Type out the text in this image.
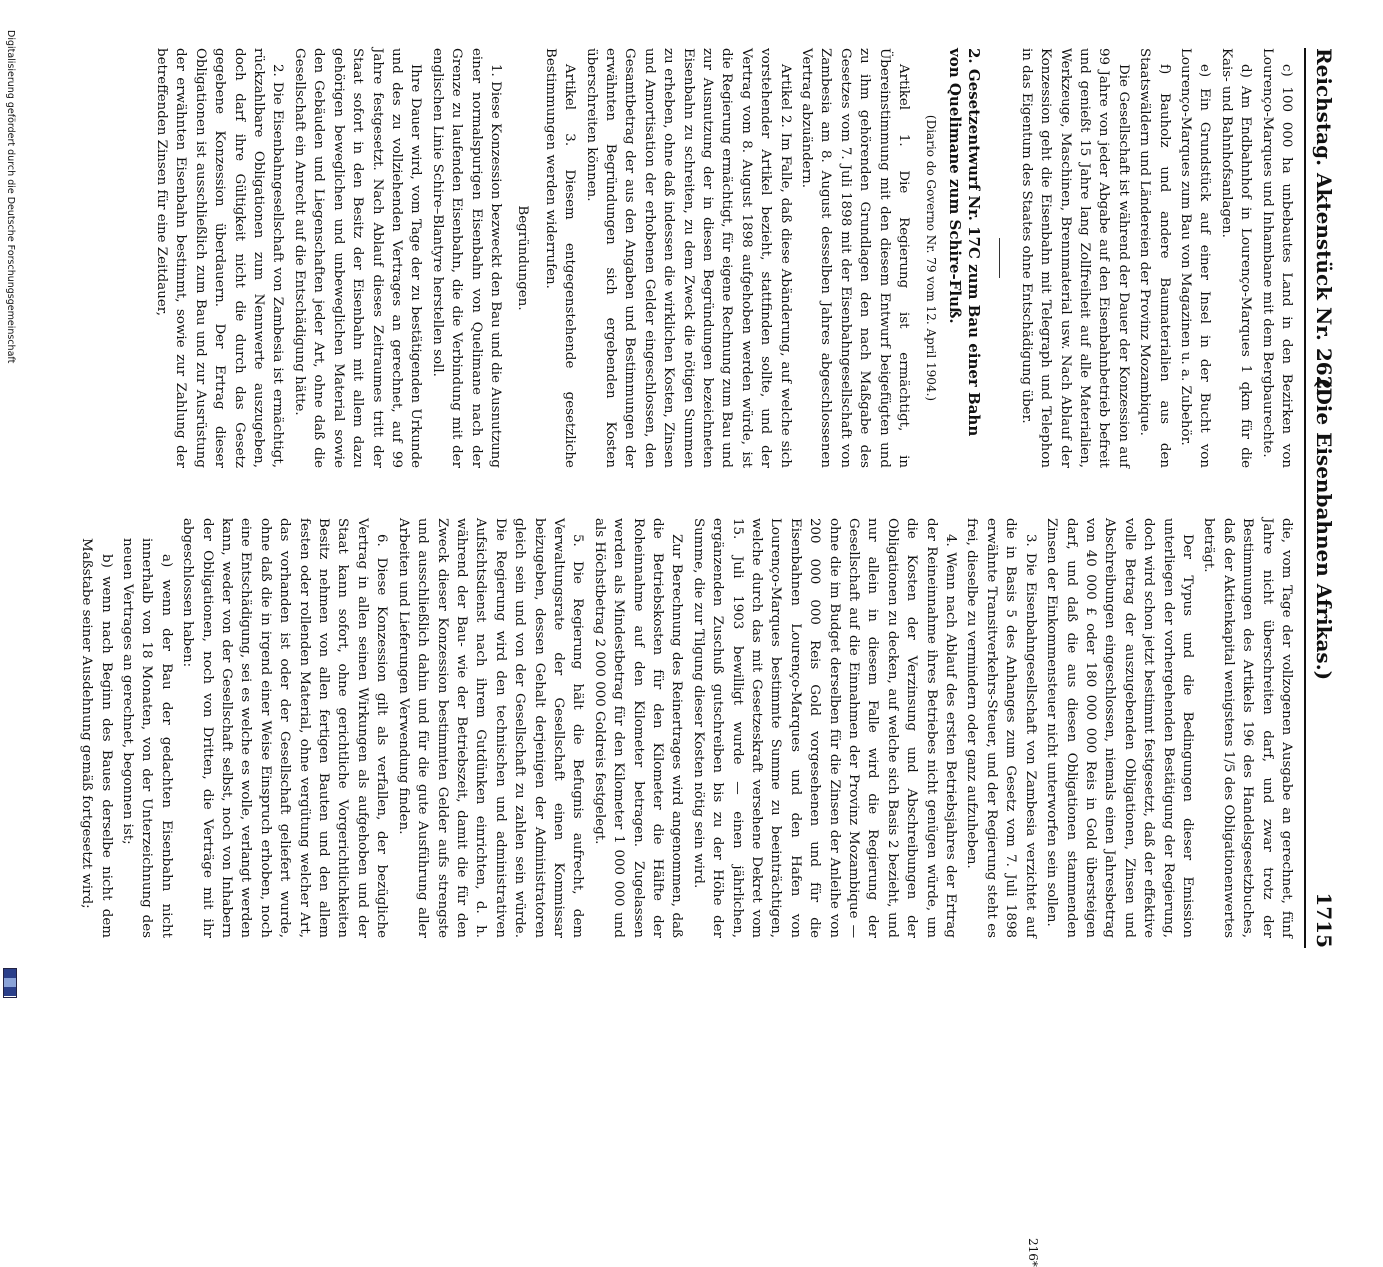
Digitalisierung gefördert durch die Deutsche Forschungsgemeinschaft	Reichstag. Aktenstück Nr. 262.
(Die Eisenbahnen Afrikas.)
1715

c) 100 000 ha unbebautes Land in den Bezirken von Lourenço-Marques und Inhambane mit dem Bergbaurechte.

d) Am Endbahnhof in Lourenço-Marques 1 qkm für die Kais- und Bahnhofsanlagen.

e) Ein Grundstück auf einer Insel in der Bucht von Lourenço-Marques zum Bau von Magazinen u. a. Zubehör.

f) Bauholz und andere Baumaterialien aus den Staatswäldern und Ländereien der Provinz Mozambique.

Die Gesellschaft ist während der Dauer der Konzession auf 99 Jahre von jeder Abgabe auf den Eisenbahnbetrieb befreit und genießt 15 Jahre lang Zollfreiheit auf alle Materialien, Werkzeuge, Maschinen, Brennmaterial usw. Nach Ablauf der Konzession geht die Eisenbahn mit Telegraph und Telephon in das Eigentum des Staates ohne Entschädigung über.

2. Gesetzentwurf Nr. 17C zum Bau einer Bahn von Quelimane zum Schire-Fluß.

(Diario do Governo Nr. 79 vom 12. April 1904.)

Artikel 1. Die Regierung ist ermächtigt, in Übereinstimmung mit den diesem Entwurf beigefügten und zu ihm gehörenden Grundlagen den nach Maßgabe des Gesetzes vom 7. Juli 1898 mit der Eisenbahngesellschaft von Zambesia am 8. August desselben Jahres abgeschlossenen Vertrag abzuändern.

Artikel 2. Im Falle, daß diese Abänderung, auf welche sich vorstehender Artikel bezieht, stattfinden sollte, und der Vertrag vom 8. August 1898 aufgehoben werden würde, ist die Regierung ermächtigt, für eigene Rechnung zum Bau und zur Ausnutzung der in diesen Begründungen bezeichneten Eisenbahn zu schreiten, zu dem Zweck die nötigen Summen zu erheben, ohne daß indessen die wirklichen Kosten, Zinsen und Amortisation der erhobenen Gelder eingeschlossen, den Gesamtbetrag der aus den Angaben und Bestimmungen der erwähnten Begründungen sich ergebenden Kosten überschreiten können.

Artikel 3. Diesem entgegenstehende gesetzliche Bestimmungen werden widerrufen.

Begründungen.

1. Diese Konzession bezweckt den Bau und die Ausnutzung einer normalspurigen Eisenbahn von Quelimane nach der Grenze zu laufenden Eisenbahn, die die Verbindung mit der englischen Linie Schire–Blantyre herstellen soll.

Ihre Dauer wird, vom Tage der zu bestätigenden Urkunde und des zu vollziehenden Vertrages an gerechnet, auf 99 Jahre festgesetzt. Nach Ablauf dieses Zeitraumes tritt der Staat sofort in den Besitz der Eisenbahn mit allem dazu gehörigen beweglichen und unbeweglichen Material sowie den Gebäuden und Liegenschaften jeder Art, ohne daß die Gesellschaft ein Anrecht auf die Entschädigung hätte.

2. Die Eisenbahngesellschaft von Zambesia ist ermächtigt, rückzahlbare Obligationen zum Nennwerte auszugeben, doch darf ihre Gültigkeit nicht die durch das Gesetz gegebene Konzession überdauern. Der Ertrag dieser Obligationen ist ausschließlich zum Bau und zur Ausrüstung der erwähnten Eisenbahn bestimmt, sowie zur Zahlung der betreffenden Zinsen für eine Zeitdauer,

die, vom Tage der vollzogenen Ausgabe an gerechnet, fünf Jahre nicht überschreiten darf, und zwar trotz der Bestimmungen des Artikels 196 des Handelsgesetzbuches, daß der Aktienkapital wenigstens 1/5 des Obligationenwertes beträgt.

Der Typus und die Bedingungen dieser Emission unterliegen der vorhergehenden Bestätigung der Regierung, doch wird schon jetzt bestimmt festgesetzt, daß der effektive volle Betrag der auszugebenden Obligationen, Zinsen und Abschreibungen eingeschlossen, niemals einen Jahresbetrag von 40 000 £ oder 180 000 000 Reis in Gold übersteigen darf, und daß die aus diesen Obligationen stammenden Zinsen der Einkommensteuer nicht unterworfen sein sollen.

3. Die Eisenbahngesellschaft von Zambesia verzichtet auf die in Basis 5 des Anhanges zum Gesetz vom 7. Juli 1898 erwähnte Transitverkehrs-Steuer, und der Regierung steht es frei, dieselbe zu vermindern oder ganz aufzuheben.

4. Wenn nach Ablauf des ersten Betriebsjahres der Ertrag der Reineinnahme ihres Betriebes nicht genügen würde, um die Kosten der Verzinsung und Abschreibungen der Obligationen zu decken, auf welche sich Basis 2 bezieht, und nur allein in diesem Falle wird die Regierung der Gesellschaft auf die Einnahmen der Provinz Mozambique — ohne die im Budget derselben für die Zinsen der Anleihe von 200 000 000 Reis Gold vorgesehenen und für die Eisenbahnen Lourenço-Marques und den Hafen von Lourenço-Marques bestimmte Summe zu beeinträchtigen, welche durch das mit Gesetzeskraft versehene Dekret vom 15. Juli 1903 bewilligt wurde — einen jährlichen, ergänzenden Zuschuß gutschreiben bis zu der Höhe der Summe, die zur Tilgung dieser Kosten nötig sein wird.

Zur Berechnung des Reinertrages wird angenommen, daß die Betriebskosten für den Kilometer die Hälfte der Roheinnahme auf den Kilometer betragen. Zugelassen werden als Mindestbetrag für den Kilometer 1 000 000 und als Höchstbetrag 2 000 000 Goldreis festgelegt.

5. Die Regierung hält die Befugnis aufrecht, dem Verwaltungsrate der Gesellschaft einen Kommissar beizugeben, dessen Gehalt derjenigen der Administratoren gleich sein und von der Gesellschaft zu zahlen sein würde. Die Regierung wird den technischen und administrativen Aufsichtsdienst nach ihrem Gutdünken einrichten, d. h. während der Bau- wie der Betriebszeit, damit die für den Zweck dieser Konzession bestimmten Gelder aufs strengste und ausschließlich dahin und für die gute Ausführung aller Arbeiten und Lieferungen Verwendung finden.

6. Diese Konzession gilt als verfallen, der bezügliche Vertrag in allen seinen Wirkungen als aufgehoben und der Staat kann sofort, ohne gerichtliche Vorgerichtlichkeiten Besitz nehmen von allen fertigen Bauten und den allem festen oder rollenden Material, ohne vergütung welcher Art, das vorhanden ist oder der Gesellschaft geliefert wurde, ohne daß die in irgend einer Weise Einspruch erhoben, noch eine Entschädigung, sei es welche es wolle, verlangt werden kann, weder von der Gesellschaft selbst, noch von Inhabern der Obligationen, noch von Dritten, die Verträge mit ihr abgeschlossen haben:

a) wenn der Bau der gedachten Eisenbahn nicht innerhalb von 18 Monaten, von der Unterzeichnung des neuen Vertrages an gerechnet, begonnen ist;

b) wenn nach Beginn des Baues derselbe nicht dem Maßstabe seiner Ausdehnung gemäß fortgesetzt wird;

216*
